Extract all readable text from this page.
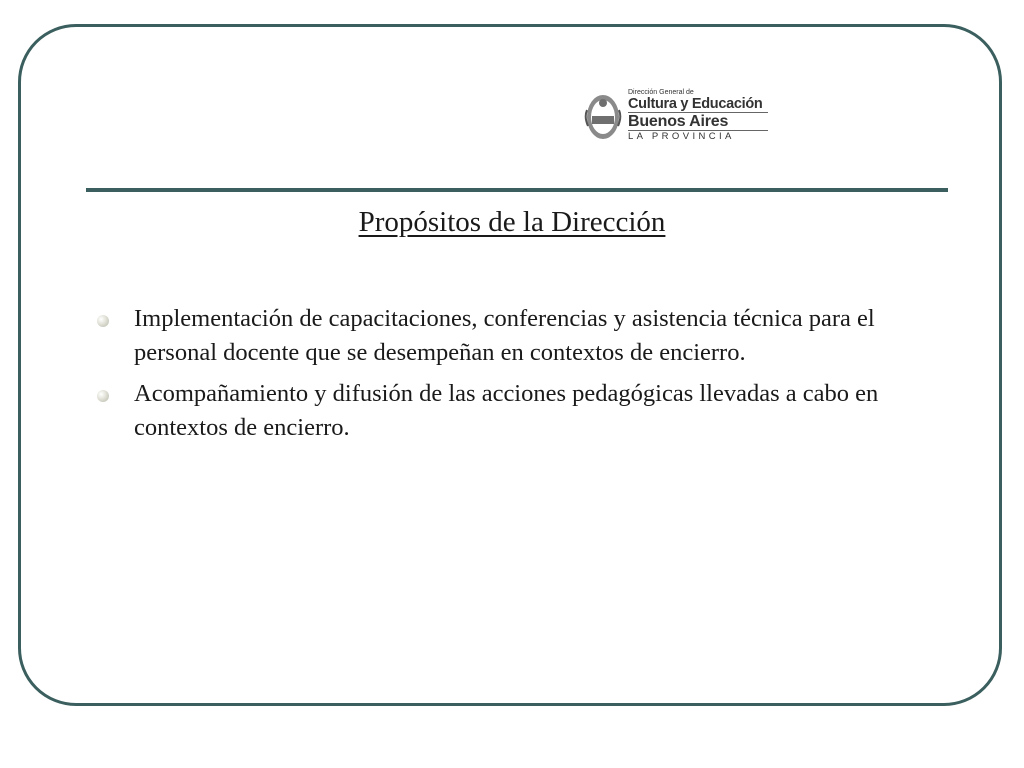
Dirección General de
Cultura y Educación
Buenos Aires
LA PROVINCIA
Propósitos de la Dirección
Implementación de capacitaciones, conferencias y asistencia técnica para el personal docente que se desempeñan en contextos de encierro.
Acompañamiento y difusión de las acciones pedagógicas llevadas a cabo en contextos de encierro.
